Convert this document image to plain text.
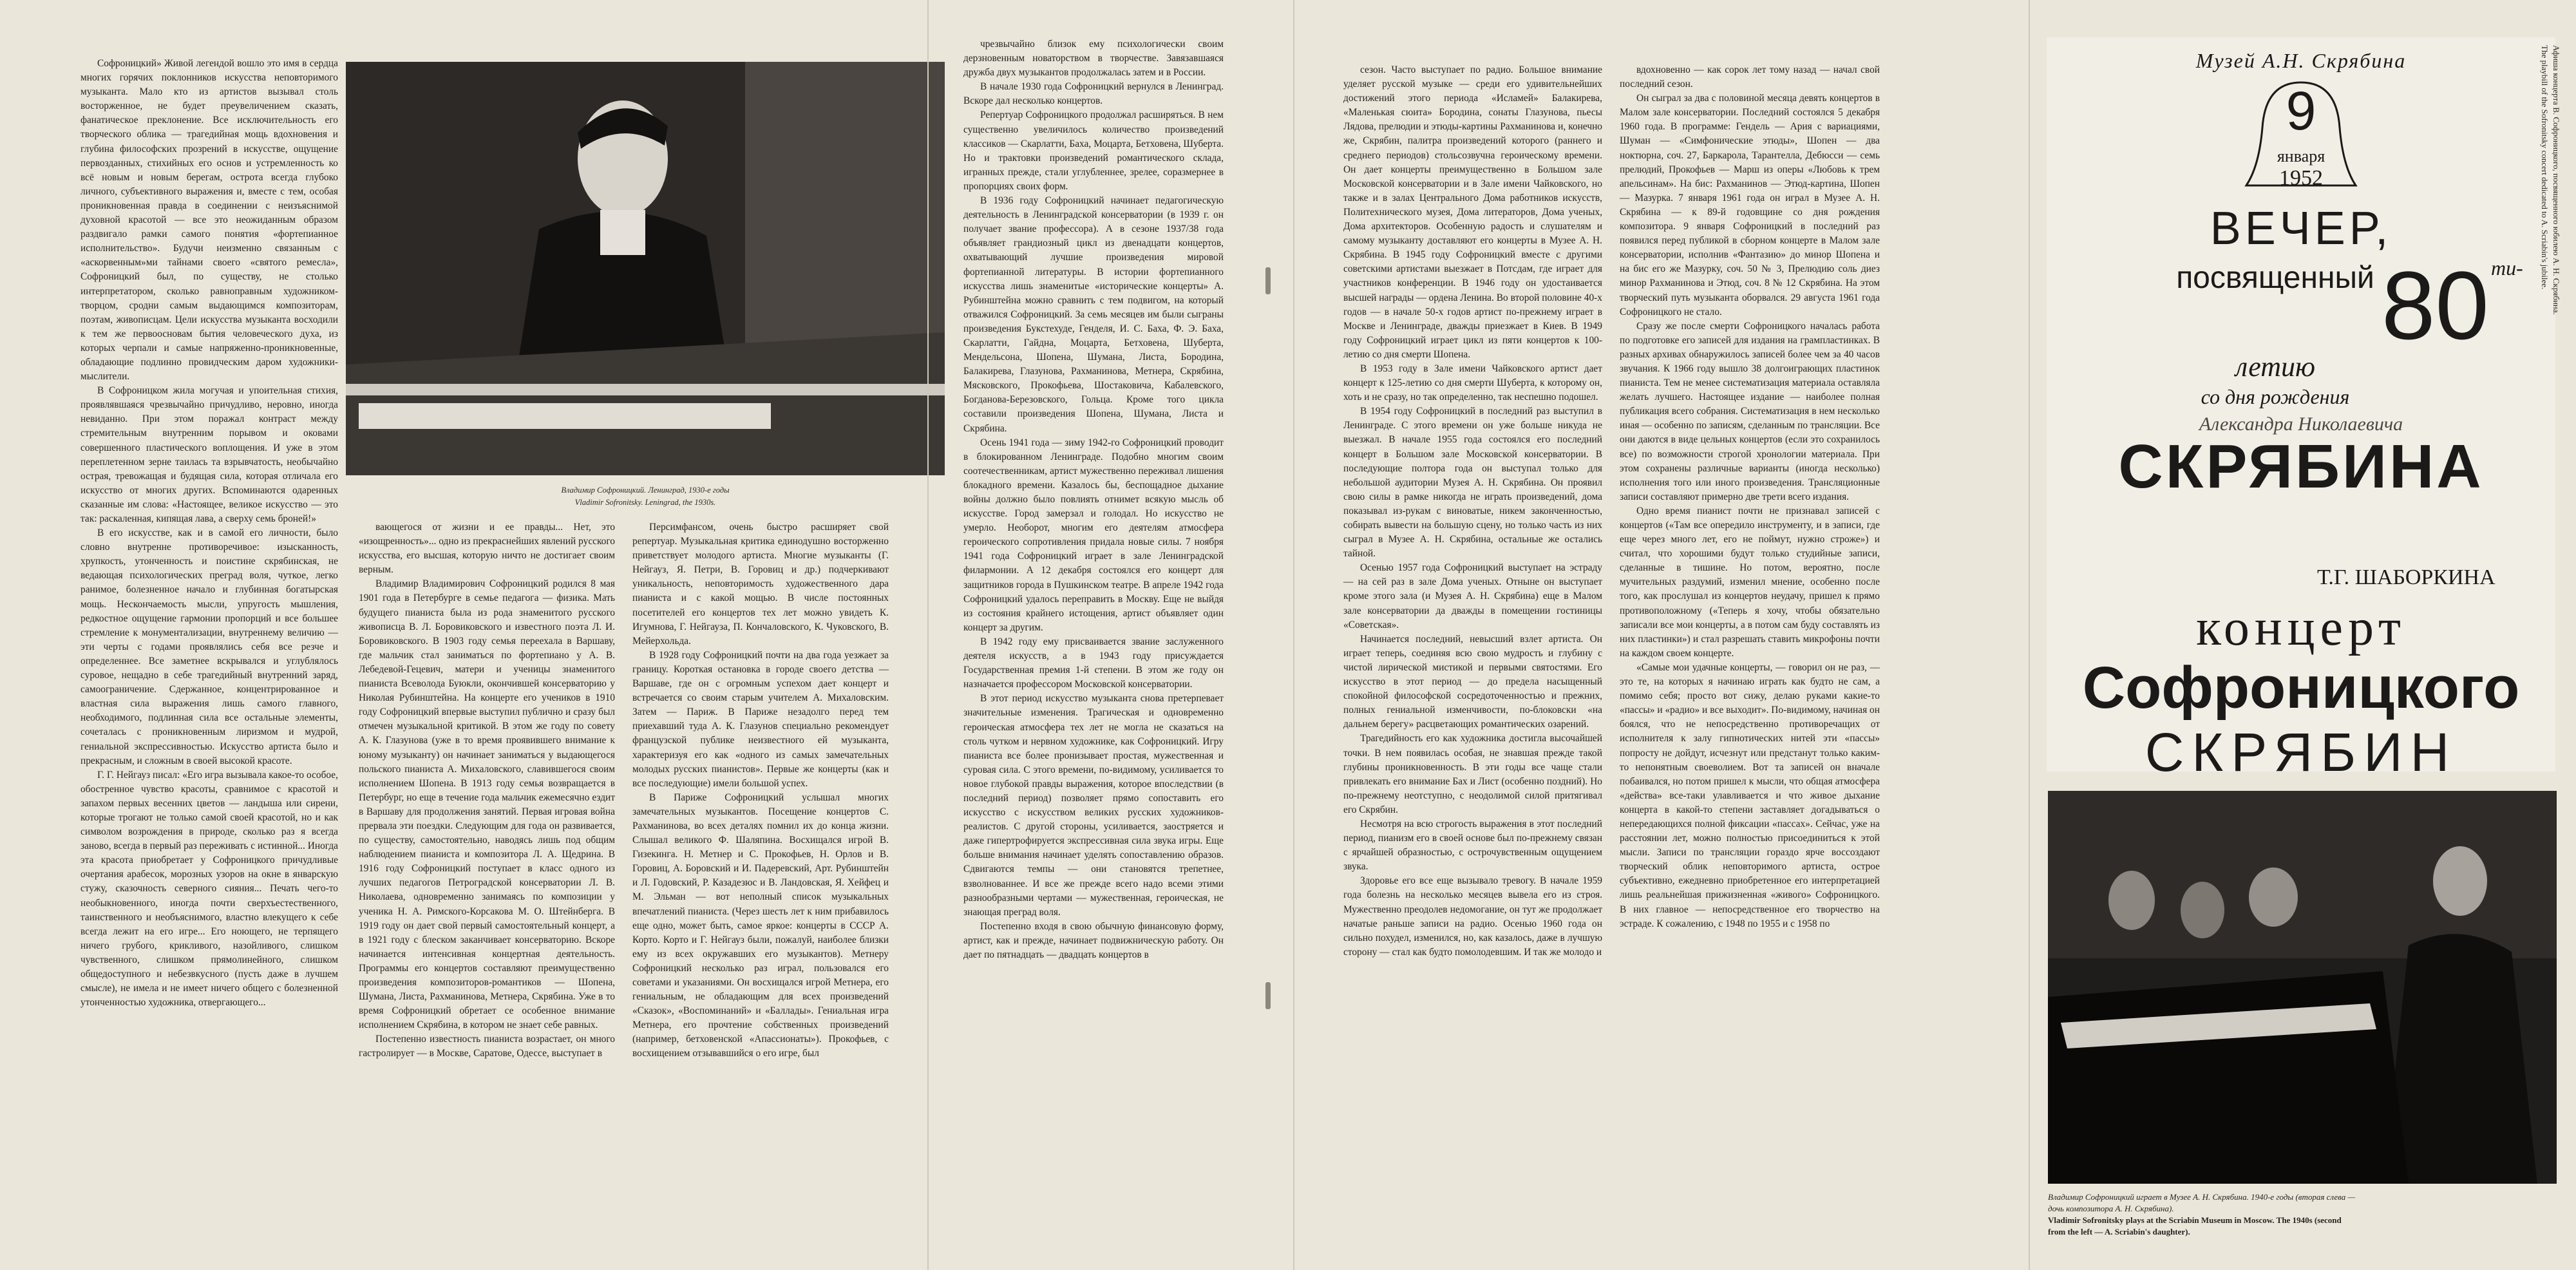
Софроницкий» Живой легендой вошло это имя в сердца многих горячих поклонников искусства неповторимого музыканта. Мало кто из артистов вызывал столь восторженное, не будет преувеличением сказать, фанатическое преклонение. Все исключительность его творческого облика — трагедийная мощь вдохновения и глубина философских прозрений в искусстве, ощущение первозданных, стихийных его основ и устремленность ко всё новым и новым берегам, острота всегда глубоко личного, субъективного выражения и, вместе с тем, особая проникновенная правда в соединении с неизъяснимой духовной красотой — все это неожиданным образом раздвигало рамки самого понятия «фортепианное исполнительство». Будучи неизменно связанным с «аскорвенным»ми тайнами своего «святого ремесла», Софроницкий был, по существу, не столько интерпретатором, сколько равноправным художником-творцом, сродни самым выдающимся композиторам, поэтам, живописцам. Цели искусства музыканта восходили к тем же первоосновам бытия человеческого духа, из которых черпали и самые напряженно-проникновенные, обладающие подлинно провидческим даром художники-мыслители.

В Софроницком жила могучая и упоительная стихия, проявлявшаяся чрезвычайно причудливо, неровно, иногда невиданно. При этом поражал контраст между стремительным внутренним порывом и оковами совершенного пластического воплощения. И уже в этом переплетенном зерне таилась та взрывчатость, необычайно острая, тревожащая и будящая сила, которая отличала его искусство от многих других. Вспоминаются одаренных сказанные им слова: «Настоящее, великое искусство — это так: раскаленная, кипящая лава, а сверху семь броней!»

В его искусстве, как и в самой его личности, было словно внутренне противоречивое: изысканность, хрупкость, утонченность и поистине скрябинская, не ведающая психологических преград воля, чуткое, легко ранимое, болезненное начало и глубинная богатырская мощь. Нескончаемость мысли, упругость мышления, редкостное ощущение гармонии пропорций и все большее стремление к монументализации, внутреннему величию — эти черты с годами проявлялись себя все резче и определеннее. Все заметнее вскрывался и углублялось суровое, нещадно в себе трагедийный внутренний заряд, самоограничение. Сдержанное, концентрированное и властная сила выражения лишь самого главного, необходимого, подлинная сила все остальные элементы, сочеталась с проникновенным лиризмом и мудрой, гениальной экспрессивностью. Искусство артиста было и прекрасным, и сложным в своей высокой красоте.

Г. Г. Нейгауз писал: «Его игра вызывала какое-то особое, обостренное чувство красоты, сравнимое с красотой и запахом первых весенних цветов — ландыша или сирени, которые трогают не только самой своей красотой, но и как символом возрождения в природе, сколько раз я всегда заново, всегда в первый раз переживать с истинной... Иногда эта красота приобретает у Софроницкого причудливые очертания арабесок, морозных узоров на окне в январскую стужу, сказочность северного сияния... Печать чего-то необыкновенного, иногда почти сверхъестественного, таинственного и необъяснимого, властно влекущего к себе всегда лежит на его игре... Его ноющего, не терпящего ничего грубого, крикливого, назойливого, слишком чувственного, слишком прямолинейного, слишком общедоступного и небезвкусного (пусть даже в лучшем смысле), не имела и не имеет ничего общего с болезненной утонченностью художника, отвергающего...

Владимир Софроницкий. Ленинград, 1930-е годы
Vladimir Sofronitsky. Leningrad, the 1930s.

вающегося от жизни и ее правды... Нет, это «изощренность»... одно из прекраснейших явлений русского искусства, его высшая, которую ничто не достигает своим верным.

Владимир Владимирович Софроницкий родился 8 мая 1901 года в Петербурге в семье педагога — физика. Мать будущего пианиста была из рода знаменитого русского живописца В. Л. Боровиковского и известного поэта Л. И. Боровиковского. В 1903 году семья переехала в Варшаву, где мальчик стал заниматься по фортепиано у А. В. Лебедевой-Гецевич, матери и ученицы знаменитого пианиста Всеволода Буюкли, окончившей консерваторию у Николая Рубинштейна. На концерте его учеников в 1910 году Софроницкий впервые выступил публично и сразу был отмечен музыкальной критикой. В этом же году по совету А. К. Глазунова (уже в то время проявившего внимание к юному музыканту) он начинает заниматься у выдающегося польского пианиста А. Михаловского, славившегося своим исполнением Шопена. В 1913 году семья возвращается в Петербург, но еще в течение года мальчик ежемесячно ездит в Варшаву для продолжения занятий. Первая игровая война прервала эти поездки. Следующим для года он развивается, по существу, самостоятельно, наводясь лишь под общим наблюдением пианиста и композитора Л. А. Щедрина. В 1916 году Софроницкий поступает в класс одного из лучших педагогов Петроградской консерватории Л. В. Николаева, одновременно занимаясь по композиции у ученика Н. А. Римского-Корсакова М. О. Штейнберга. В 1919 году он дает свой первый самостоятельный концерт, а в 1921 году с блеском заканчивает консерваторию. Вскоре начинается интенсивная концертная деятельность. Программы его концертов составляют преимущественно произведения композиторов-романтиков — Шопена, Шумана, Листа, Рахманинова, Метнера, Скрябина. Уже в то время Софроницкий обретает се особенное внимание исполнением Скрябина, в котором не знает себе равных.

Постепенно известность пианиста возрастает, он много гастролирует — в Москве, Саратове, Одессе, выступает в

Персимфансом, очень быстро расширяет свой репертуар. Музыкальная критика единодушно восторженно приветствует молодого артиста. Многие музыканты (Г. Нейгауз, Я. Петри, В. Горовиц и др.) подчеркивают уникальность, неповторимость художественного дара пианиста и с какой мощью. В числе постоянных посетителей его концертов тех лет можно увидеть К. Игумнова, Г. Нейгауза, П. Кончаловского, К. Чуковского, В. Мейерхольда.

В 1928 году Софроницкий почти на два года уезжает за границу. Короткая остановка в городе своего детства — Варшаве, где он с огромным успехом дает концерт и встречается со своим старым учителем А. Михаловским. Затем — Париж. В Париже незадолго перед тем приехавший туда А. К. Глазунов специально рекомендует французской публике неизвестного ей музыканта, характеризуя его как «одного из самых замечательных молодых русских пианистов». Первые же концерты (как и все последующие) имели большой успех.

В Париже Софроницкий услышал многих замечательных музыкантов. Посещение концертов С. Рахманинова, во всех деталях помнил их до конца жизни. Слышал великого Ф. Шаляпина. Восхищался игрой В. Гизекинга. Н. Метнер и С. Прокофьев, Н. Орлов и В. Горовиц, А. Боровский и И. Падеревский, Арт. Рубинштейн и Л. Годовский, Р. Казадезюс и В. Ландовская, Я. Хейфец и М. Эльман — вот неполный список музыкальных впечатлений пианиста. (Через шесть лет к ним прибавилось еще одно, может быть, самое яркое: концерты в СССР А. Корто. Корто и Г. Нейгауз были, пожалуй, наиболее близки ему из всех окружавших его музыкантов). Метнеру Софроницкий несколько раз играл, пользовался его советами и указаниями. Он восхищался игрой Метнера, его гениальным, не обладающим для всех произведений «Сказок», «Воспоминаний» и «Баллады». Гениальная игра Метнера, его прочтение собственных произведений (например, бетховенской «Апассионаты»). Прокофьев, с восхищением отзывавшийся о его игре, был

чрезвычайно близок ему психологически своим дерзновенным новаторством в творчестве. Завязавшаяся дружба двух музыкантов продолжалась затем и в России.

В начале 1930 года Софроницкий вернулся в Ленинград. Вскоре дал несколько концертов.

Репертуар Софроницкого продолжал расширяться. В нем существенно увеличилось количество произведений классиков — Скарлатти, Баха, Моцарта, Бетховена, Шуберта. Но и трактовки произведений романтического склада, игранных прежде, стали углубленнее, зрелее, соразмернее в пропорциях своих форм.

В 1936 году Софроницкий начинает педагогическую деятельность в Ленинградской консерватории (в 1939 г. он получает звание профессора). А в сезоне 1937/38 года объявляет грандиозный цикл из двенадцати концертов, охватывающий лучшие произведения мировой фортепианной литературы. В истории фортепианного искусства лишь знаменитые «исторические концерты» А. Рубинштейна можно сравнить с тем подвигом, на который отважился Софроницкий. За семь месяцев им были сыграны произведения Букстехуде, Генделя, И. С. Баха, Ф. Э. Баха, Скарлатти, Гайдна, Моцарта, Бетховена, Шуберта, Мендельсона, Шопена, Шумана, Листа, Бородина, Балакирева, Глазунова, Рахманинова, Метнера, Скрябина, Мясковского, Прокофьева, Шостаковича, Кабалевского, Богданова-Березовского, Гольца. Кроме того цикла составили произведения Шопена, Шумана, Листа и Скрябина.

Осень 1941 года — зиму 1942-го Софроницкий проводит в блокированном Ленинграде. Подобно многим своим соотечественникам, артист мужественно переживал лишения блокадного времени. Казалось бы, беспощадное дыхание войны должно было повлиять отнимет всякую мысль об искусстве. Город замерзал и голодал. Но искусство не умерло. Необорот, многим его деятелям атмосфера героического сопротивления придала новые силы. 7 ноября 1941 года Софроницкий играет в зале Ленинградской филармонии. А 12 декабря состоялся его концерт для защитников города в Пушкинском театре. В апреле 1942 года Софроницкий удалось переправить в Москву. Еще не выйдя из состояния крайнего истощения, артист объявляет один концерт за другим.

В 1942 году ему присваивается звание заслуженного деятеля искусств, а в 1943 году присуждается Государственная премия 1-й степени. В этом же году он назначается профессором Московской консерватории.

В этот период искусство музыканта снова претерпевает значительные изменения. Трагическая и одновременно героическая атмосфера тех лет не могла не сказаться на столь чутком и нервном художнике, как Софроницкий. Игру пианиста все более пронизывает простая, мужественная и суровая сила. С этого времени, по-видимому, усиливается то новое глубокой правды выражения, которое впоследствии (в последний период) позволяет прямо сопоставить его искусство с искусством великих русских художников-реалистов. С другой стороны, усиливается, заостряется и даже гипертрофируется экспрессивная сила звука игры. Еще больше внимания начинает уделять сопоставлению образов. Сдвигаются темпы — они становятся трепетнее, взволнованнее. И все же прежде всего надо всеми этими разнообразными чертами — мужественная, героическая, не знающая преград воля.

Постепенно входя в свою обычную финансовую форму, артист, как и прежде, начинает подвижническую работу. Он дает по пятнадцать — двадцать концертов в

сезон. Часто выступает по радио. Большое внимание уделяет русской музыке — среди его удивительнейших достижений этого периода «Исламей» Балакирева, «Маленькая сюита» Бородина, сонаты Глазунова, пьесы Лядова, прелюдии и этюды-картины Рахманинова и, конечно же, Скрябин, палитра произведений которого (раннего и среднего периодов) стольсозвучна героическому времени. Он дает концерты преимущественно в Большом зале Московской консерватории и в Зале имени Чайковского, но также и в залах Центрального Дома работников искусств, Политехнического музея, Дома литераторов, Дома ученых, Дома архитекторов. Особенную радость и слушателям и самому музыканту доставляют его концерты в Музее А. Н. Скрябина. В 1945 году Софроницкий вместе с другими советскими артистами выезжает в Потсдам, где играет для участников конференции. В 1946 году он удостаивается высшей награды — ордена Ленина. Во второй половине 40-х годов — в начале 50-х годов артист по-прежнему играет в Москве и Ленинграде, дважды приезжает в Киев. В 1949 году Софроницкий играет цикл из пяти концертов к 100-летию со дня смерти Шопена.

В 1953 году в Зале имени Чайковского артист дает концерт к 125-летию со дня смерти Шуберта, к которому он, хоть и не сразу, но так определенно, так неспешно подошел.

В 1954 году Софроницкий в последний раз выступил в Ленинграде. С этого времени он уже больше никуда не выезжал. В начале 1955 года состоялся его последний концерт в Большом зале Московской консерватории. В последующие полтора года он выступал только для небольшой аудитории Музея А. Н. Скрябина. Он проявил свою силы в рамке никогда не играть произведений, дома показывал из-рукам с виноватые, никем законченностью, собирать вывести на большую сцену, но только часть из них сыграл в Музее А. Н. Скрябина, остальные же остались тайной.

Осенью 1957 года Софроницкий выступает на эстраду — на сей раз в зале Дома ученых. Отныне он выступает кроме этого зала (и Музея А. Н. Скрябина) еще в Малом зале консерватории да дважды в помещении гостиницы «Советская».

Начинается последний, невысший взлет артиста. Он играет теперь, соединяя всю свою мудрость и глубину с чистой лирической мистикой и первыми святостями. Его искусство в этот период — до предела насыщенный спокойной философской сосредоточенностью и прежних, полных гениальной изменчивости, по-блоковски «на дальнем берегу» расцветающих романтических озарений.

Трагедийность его как художника достигла высочайшей точки. В нем появилась особая, не знавшая прежде такой глубины проникновенность. В эти годы все чаще стали привлекать его внимание Бах и Лист (особенно поздний). Но по-прежнему неотступно, с неодолимой силой притягивал его Скрябин.

Несмотря на всю строгость выражения в этот последний период, пианизм его в своей основе был по-прежнему связан с ярчайшей образностью, с острочувственным ощущением звука.

Здоровье его все еще вызывало тревогу. В начале 1959 года болезнь на несколько месяцев вывела его из строя. Мужественно преодолев недомогание, он тут же продолжает начатые раньше записи на радио. Осенью 1960 года он сильно похудел, изменился, но, как казалось, даже в лучшую сторону — стал как будто помолодевшим. И так же молодо и

вдохновенно — как сорок лет тому назад — начал свой последний сезон.

Он сыграл за два с половиной месяца девять концертов в Малом зале консерватории. Последний состоялся 5 декабря 1960 года. В программе: Гендель — Ария с вариациями, Шуман — «Симфонические этюды», Шопен — два ноктюрна, соч. 27, Баркарола, Тарантелла, Дебюсси — семь прелюдий, Прокофьев — Марш из оперы «Любовь к трем апельсинам». На бис: Рахманинов — Этюд-картина, Шопен — Мазурка. 7 января 1961 года он играл в Музее А. Н. Скрябина — к 89-й годовщине со дня рождения композитора. 9 января Софроницкий в последний раз появился перед публикой в сборном концерте в Малом зале консерватории, исполнив «Фантазию» до минор Шопена и на бис его же Мазурку, соч. 50 № 3, Прелюдию соль диез минор Рахманинова и Этюд, соч. 8 № 12 Скрябина. На этом творческий путь музыканта оборвался. 29 августа 1961 года Софроницкого не стало.

Сразу же после смерти Софроницкого началась работа по подготовке его записей для издания на грампластинках. В разных архивах обнаружилось записей более чем за 40 часов звучания. К 1966 году вышло 38 долгоиграющих пластинок пианиста. Тем не менее систематизация материала оставляла желать лучшего. Настоящее издание — наиболее полная публикация всего собрания. Систематизация в нем несколько иная — особенно по записям, сделанным по трансляции. Все они даются в виде цельных концертов (если это сохранилось все) по возможности строгой хронологии материала. При этом сохранены различные варианты (иногда несколько) исполнения того или иного произведения. Трансляционные записи составляют примерно две трети всего издания.

Одно время пианист почти не признавал записей с концертов («Там все опередило инструменту, и в записи, где еще через много лет, его не поймут, нужно строже») и считал, что хорошими будут только студийные записи, сделанные в тишине. Но потом, вероятно, после мучительных раздумий, изменил мнение, особенно после того, как прослушал из концертов неудачу, пришел к прямо противоположному («Теперь я хочу, чтобы обязательно записали все мои концерты, а в потом сам буду составлять из них пластинки») и стал разрешать ставить микрофоны почти на каждом своем концерте.

«Самые мои удачные концерты, — говорил он не раз, — это те, на которых я начинаю играть как будто не сам, а помимо себя; просто вот сижу, делаю руками какие-то «пассы» и «радио» и все выходит». По-видимому, начиная он боялся, что не непосредственно противоречащих от исполнителя к залу гипнотических нитей эти «пассы» попросту не дойдут, исчезнут или предстанут только каким-то непонятным своеволием. Вот та записей он вначале побаивался, но потом пришел к мысли, что общая атмосфера «действа» все-таки улавливается и что живое дыхание концерта в какой-то степени заставляет догадываться о непередающихся полной фиксации «пассах». Сейчас, уже на расстоянии лет, можно полностью присоединиться к этой мысли. Записи по трансляции гораздо ярче воссоздают творческий облик неповторимого артиста, острое субъективно, ежедневно приобретенное его интерпретацией лишь реальнейшая прижизненная «живого» Софроницкого. В них главное — непосредственное его творчество на эстраде. К сожалению, с 1948 по 1955 и с 1958 по

Музей А.Н. Скрябина
9
января
1952
ВЕЧЕР,
посвященный 80 ти-
летию
со дня рождения
Александра Николаевича
СКРЯБИНА
Т.Г. ШАБОРКИНА
концерт
Софроницкого
СКРЯБИН
Афиша концерта В. Софроницкого, посвященного юбилею А. Н. Скрябина.
The playbill of the Sofronitsky concert dedicated to A. Scriabin's jubilee.
Владимир Софроницкий играет в Музее А. Н. Скрябина. 1940-е годы (вторая слева —
дочь композитора А. Н. Скрябина).
Vladimir Sofronitsky plays at the Scriabin Museum in Moscow. The 1940s (second
from the left — A. Scriabin's daughter).
